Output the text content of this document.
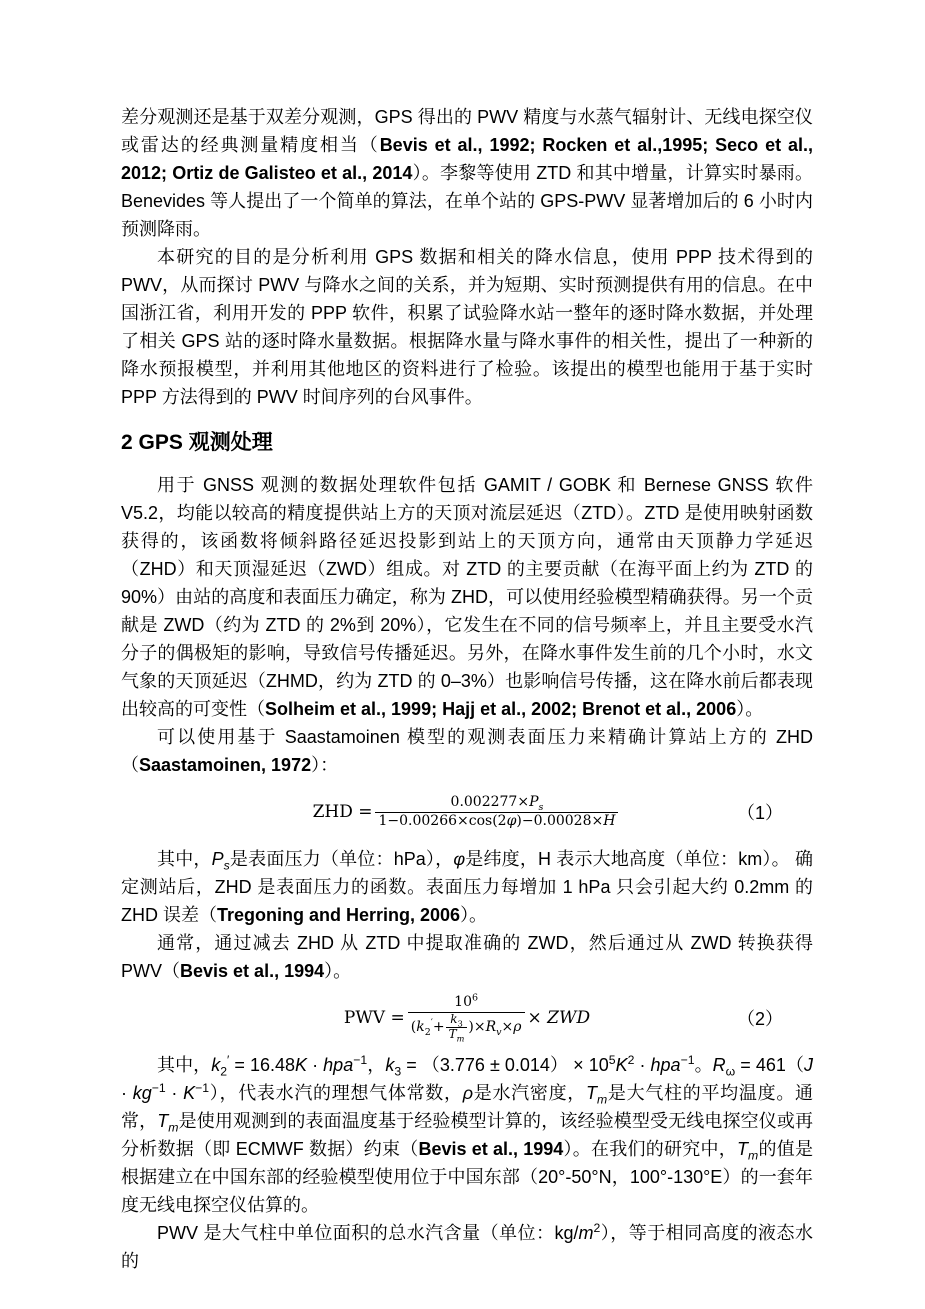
差分观测还是基于双差分观测，GPS 得出的 PWV 精度与水蒸气辐射计、无线电探空仪或雷达的经典测量精度相当（Bevis et al., 1992; Rocken et al.,1995; Seco et al., 2012; Ortiz de Galisteo et al., 2014）。李黎等使用 ZTD 和其中增量，计算实时暴雨。Benevides 等人提出了一个简单的算法，在单个站的 GPS-PWV 显著增加后的 6 小时内预测降雨。

本研究的目的是分析利用 GPS 数据和相关的降水信息，使用 PPP 技术得到的 PWV，从而探讨 PWV 与降水之间的关系，并为短期、实时预测提供有用的信息。在中国浙江省，利用开发的 PPP 软件，积累了试验降水站一整年的逐时降水数据，并处理了相关 GPS 站的逐时降水量数据。根据降水量与降水事件的相关性，提出了一种新的降水预报模型，并利用其他地区的资料进行了检验。该提出的模型也能用于基于实时 PPP 方法得到的 PWV 时间序列的台风事件。

2 GPS 观测处理

用于 GNSS 观测的数据处理软件包括 GAMIT / GOBK 和 Bernese GNSS 软件 V5.2，均能以较高的精度提供站上方的天顶对流层延迟（ZTD）。ZTD 是使用映射函数获得的，该函数将倾斜路径延迟投影到站上的天顶方向，通常由天顶静力学延迟（ZHD）和天顶湿延迟（ZWD）组成。对 ZTD 的主要贡献（在海平面上约为 ZTD 的 90%）由站的高度和表面压力确定，称为 ZHD，可以使用经验模型精确获得。另一个贡献是 ZWD（约为 ZTD 的 2%到 20%），它发生在不同的信号频率上，并且主要受水汽分子的偶极矩的影响，导致信号传播延迟。另外，在降水事件发生前的几个小时，水文气象的天顶延迟（ZHMD，约为 ZTD 的 0–3%）也影响信号传播，这在降水前后都表现出较高的可变性（Solheim et al., 1999; Hajj et al., 2002; Brenot et al., 2006）。

可以使用基于 Saastamoinen 模型的观测表面压力来精确计算站上方的 ZHD（Saastamoinen, 1972）：

ZHD = $\frac{0.002277\times P_s}{1-0.00266\times\cos(2\varphi)-0.00028\times H}$	（1）

其中，$P_s$是表面压力（单位：hPa），φ是纬度，H 表示大地高度（单位：km）。 确定测站后，ZHD 是表面压力的函数。表面压力每增加 1 hPa 只会引起大约 0.2mm 的 ZHD 误差（Tregoning and Herring, 2006）。

通常，通过减去 ZHD 从 ZTD 中提取准确的 ZWD，然后通过从 ZWD 转换获得 PWV（Bevis et al., 1994）。

PWV = $\frac{10^6}{(k_2'+ \frac{k_3}{T_m} )\times R_v\times\rho}$ × ZWD	（2）

其中，$k_2' = 16.48K \cdot hpa^{-1}$，$k_3 = (3.776 \pm 0.014) \times 10^5K^2 \cdot hpa^{-1}$。$R_\omega = 461(J \cdot kg^{-1} \cdot K^{-1})$，代表水汽的理想气体常数，ρ是水汽密度，$T_m$是大气柱的平均温度。通常，$T_m$是使用观测到的表面温度基于经验模型计算的，该经验模型受无线电探空仪或再分析数据（即 ECMWF 数据）约束（Bevis et al., 1994）。在我们的研究中，$T_m$的值是根据建立在中国东部的经验模型使用位于中国东部（20°-50°N，100°-130°E）的一套年度无线电探空仪估算的。

PWV 是大气柱中单位面积的总水汽含量（单位：$kg/m^2$），等于相同高度的液态水的
